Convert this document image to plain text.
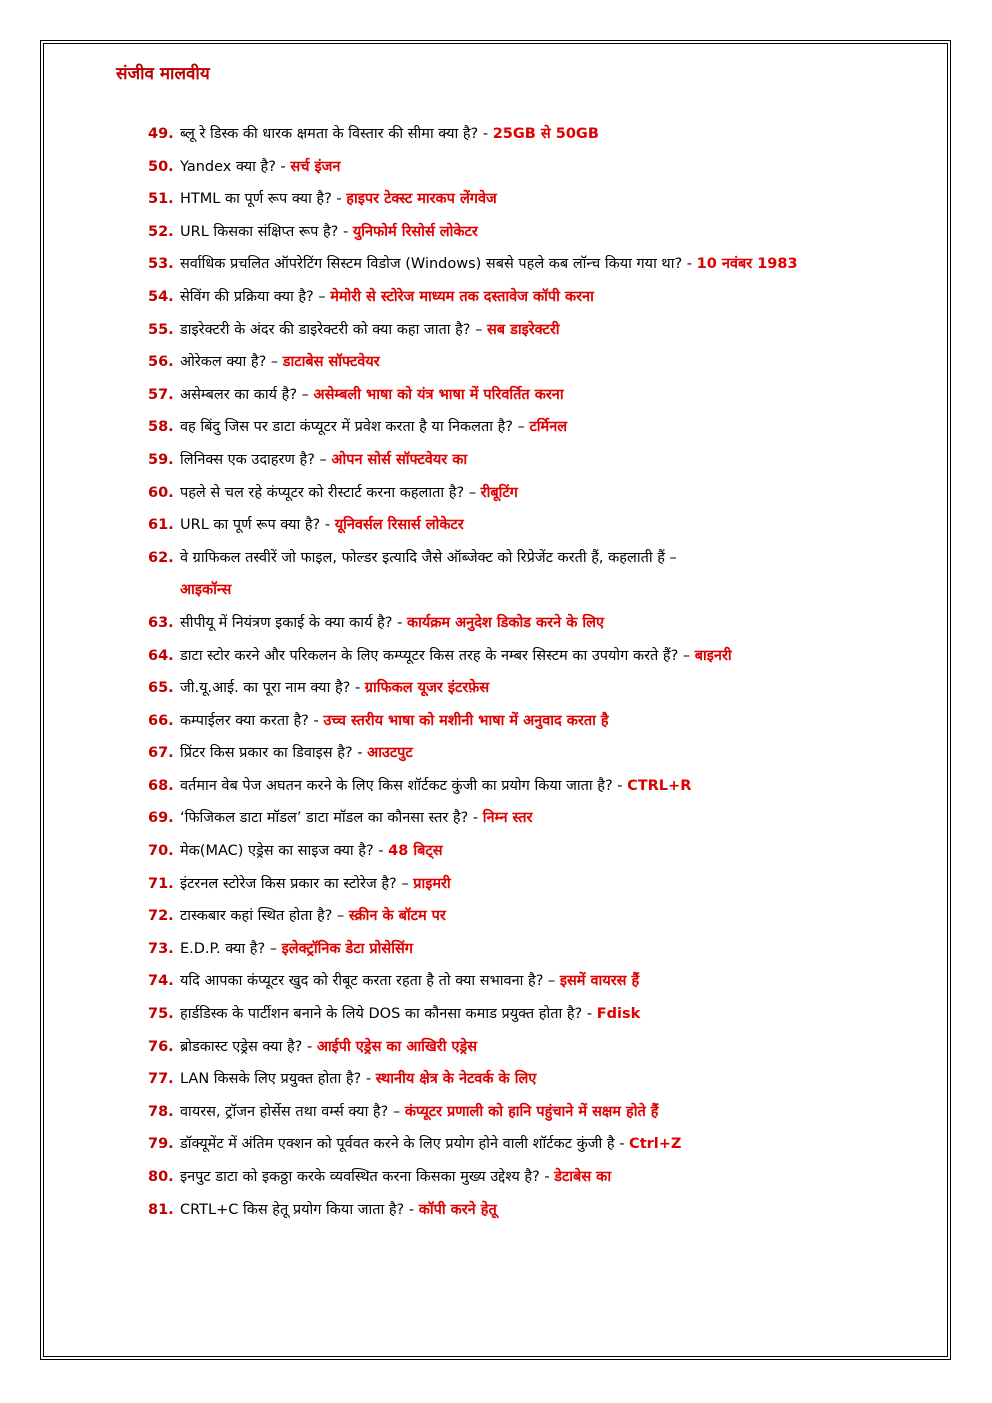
संजीव मालवीय
49. ब्लू रे डिस्क की धारक क्षमता के विस्तार की सीमा क्या है? - 25GB से 50GB
50. Yandex क्या है? - सर्च इंजन
51. HTML का पूर्ण रूप क्या है? - हाइपर टेक्स्ट मारकप लेंगवेज
52. URL किसका संक्षिप्त रूप है? - युनिफोर्म रिसोर्स लोकेटर
53. सर्वाधिक प्रचलित ऑपरेटिंग सिस्टम विडोज (Windows) सबसे पहले कब लॉन्च किया गया था? - 10 नवंबर 1983
54. सेविंग की प्रक्रिया क्या है? – मेमोरी से स्टोरेज माध्यम तक दस्तावेज कॉपी करना
55. डाइरेक्टरी के अंदर की डाइरेक्टरी को क्या कहा जाता है? – सब डाइरेक्टरी
56. ओरेकल क्या है? – डाटाबेस सॉफ्टवेयर
57. असेम्बलर का कार्य है? – असेम्बली भाषा को यंत्र भाषा में परिवर्तित करना
58. वह बिंदु जिस पर डाटा कंप्यूटर में प्रवेश करता है या निकलता है? – टर्मिनल
59. लिनिक्स एक उदाहरण है? – ओपन सोर्स सॉफ्टवेयर का
60. पहले से चल रहे कंप्यूटर को रीस्टार्ट करना कहलाता है? – रीबूटिंग
61. URL का पूर्ण रूप क्या है? - यूनिवर्सल रिसार्स लोकेटर
62. वे ग्राफिकल तस्वीरें जो फाइल, फोल्डर इत्यादि जैसे ऑब्जेक्ट को रिप्रेजेंट करती हैं, कहलाती हैं –
आइकॉन्स
63. सीपीयू में नियंत्रण इकाई के क्या कार्य है? - कार्यक्रम अनुदेश डिकोड करने के लिए
64. डाटा स्टोर करने और परिकलन के लिए कम्प्यूटर किस तरह के नम्बर सिस्टम का उपयोग करते हैं? – बाइनरी
65. जी.यू.आई. का पूरा नाम क्या है? - ग्राफिकल यूजर इंटरफ़ेस
66. कम्पाईलर क्या करता है? - उच्च स्तरीय भाषा को मशीनी भाषा में अनुवाद करता है
67. प्रिंटर किस प्रकार का डिवाइस है? - आउटपुट
68. वर्तमान वेब पेज अघतन करने के लिए किस शॉर्टकट कुंजी का प्रयोग किया जाता है? - CTRL+R
69. ‘फिजिकल डाटा मॉडल’ डाटा मॉडल का कौनसा स्तर है? - निम्न स्तर
70. मेक(MAC) एड्रेस का साइज क्या है? - 48 बिट्स
71. इंटरनल स्टोरेज किस प्रकार का स्टोरेज है? – प्राइमरी
72. टास्कबार कहां स्थित होता है? – स्क्रीन के बॉटम पर
73. E.D.P. क्या है? – इलेक्ट्रॉनिक डेटा प्रोसेसिंग
74. यदि आपका कंप्यूटर खुद को रीबूट करता रहता है तो क्या सभावना है? – इसमें वायरस हैं
75. हार्डडिस्क के पार्टीशन बनाने के लिये DOS का कौनसा कमाड प्रयुक्त होता है? - Fdisk
76. ब्रोडकास्ट एड्रेस क्या है? - आईपी एड्रेस का आखिरी एड्रेस
77. LAN किसके लिए प्रयुक्त होता है? - स्थानीय क्षेत्र के नेटवर्क के लिए
78. वायरस, ट्रॉजन होर्सेस तथा वर्म्स क्या है? – कंप्यूटर प्रणाली को हानि पहुंचाने में सक्षम होते हैं
79. डॉक्यूमेंट में अंतिम एक्शन को पूर्ववत करने के लिए प्रयोग होने वाली शॉर्टकट कुंजी है - Ctrl+Z
80. इनपुट डाटा को इकठ्ठा करके व्यवस्थित करना किसका मुख्य उद्देश्य है? - डेटाबेस का
81. CRTL+C किस हेतू प्रयोग किया जाता है? - कॉपी करने हेतू
